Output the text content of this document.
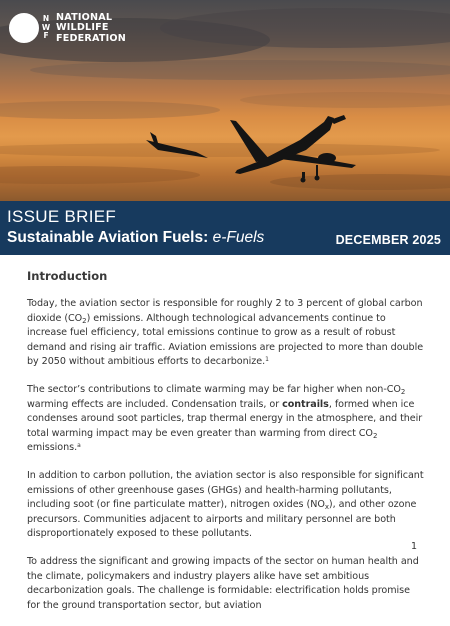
N
W
F
NATIONAL
WILDLIFE
FEDERATION
ISSUE BRIEF
Sustainable Aviation Fuels: e-Fuels	DECEMBER 2025
Introduction

Today, the aviation sector is responsible for roughly 2 to 3 percent of global carbon dioxide $(CO_2)$ emissions. Although technological advancements continue to increase fuel efficiency, total emissions continue to grow as a result of robust demand and rising air traffic. Aviation emissions are projected to more than double by 2050 without ambitious efforts to decarbonize.$^1$

The sector’s contributions to climate warming may be far higher when non-$CO_2$ warming effects are included. Condensation trails, or contrails, formed when ice condenses around soot particles, trap thermal energy in the atmosphere, and their total warming impact may be even greater than warming from direct $CO_2$ emissions.$^a$

In addition to carbon pollution, the aviation sector is also responsible for significant emissions of other greenhouse gases (GHGs) and health-harming pollutants, including soot (or fine particulate matter), nitrogen oxides $(NO_x)$, and other ozone precursors. Communities adjacent to airports and military personnel are both disproportionately exposed to these pollutants.

To address the significant and growing impacts of the sector on human health and the climate, policymakers and industry players alike have set ambitious decarbonization goals. The challenge is formidable: electrification holds promise for the ground transportation sector, but aviation

1
